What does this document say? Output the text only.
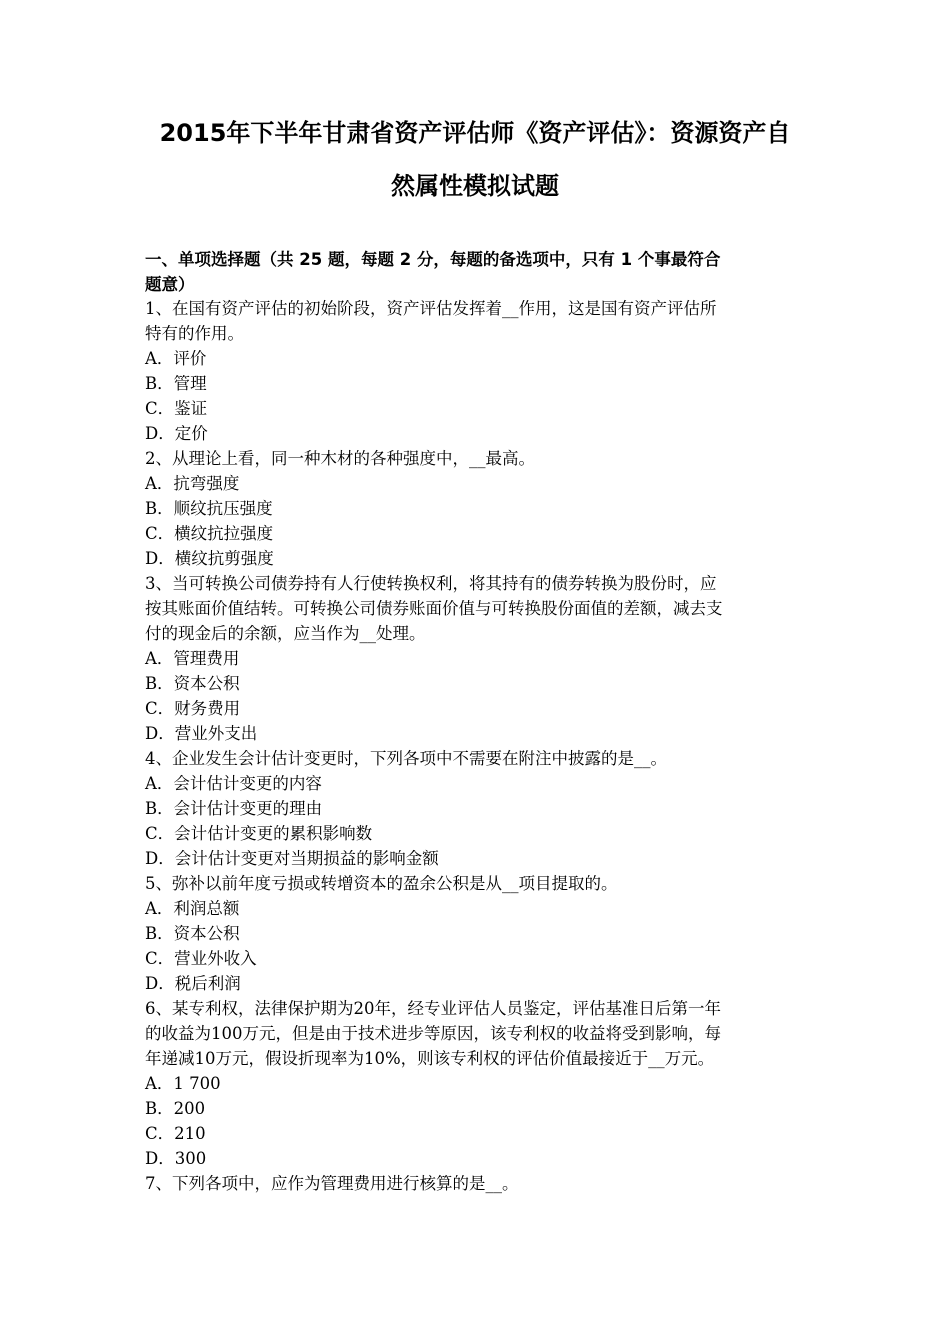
2015年下半年甘肃省资产评估师《资产评估》：资源资产自
然属性模拟试题
一、单项选择题（共 25 题，每题 2 分，每题的备选项中，只有 1 个事最符合
题意）
1、在国有资产评估的初始阶段，资产评估发挥着__作用，这是国有资产评估所
特有的作用。
A．评价
B．管理
C．鉴证
D．定价
2、从理论上看，同一种木材的各种强度中，__最高。
A．抗弯强度
B．顺纹抗压强度
C．横纹抗拉强度
D．横纹抗剪强度
3、当可转换公司债券持有人行使转换权利，将其持有的债券转换为股份时，应
按其账面价值结转。可转换公司债券账面价值与可转换股份面值的差额，减去支
付的现金后的余额，应当作为__处理。
A．管理费用
B．资本公积
C．财务费用
D．营业外支出
4、企业发生会计估计变更时，下列各项中不需要在附注中披露的是__。
A．会计估计变更的内容
B．会计估计变更的理由
C．会计估计变更的累积影响数
D．会计估计变更对当期损益的影响金额
5、弥补以前年度亏损或转增资本的盈余公积是从__项目提取的。
A．利润总额
B．资本公积
C．营业外收入
D．税后利润
6、某专利权，法律保护期为20年，经专业评估人员鉴定，评估基准日后第一年
的收益为100万元，但是由于技术进步等原因，该专利权的收益将受到影响，每
年递减10万元，假设折现率为10%，则该专利权的评估价值最接近于__万元。
A．1 700
B．200
C．210
D．300
7、下列各项中，应作为管理费用进行核算的是__。
